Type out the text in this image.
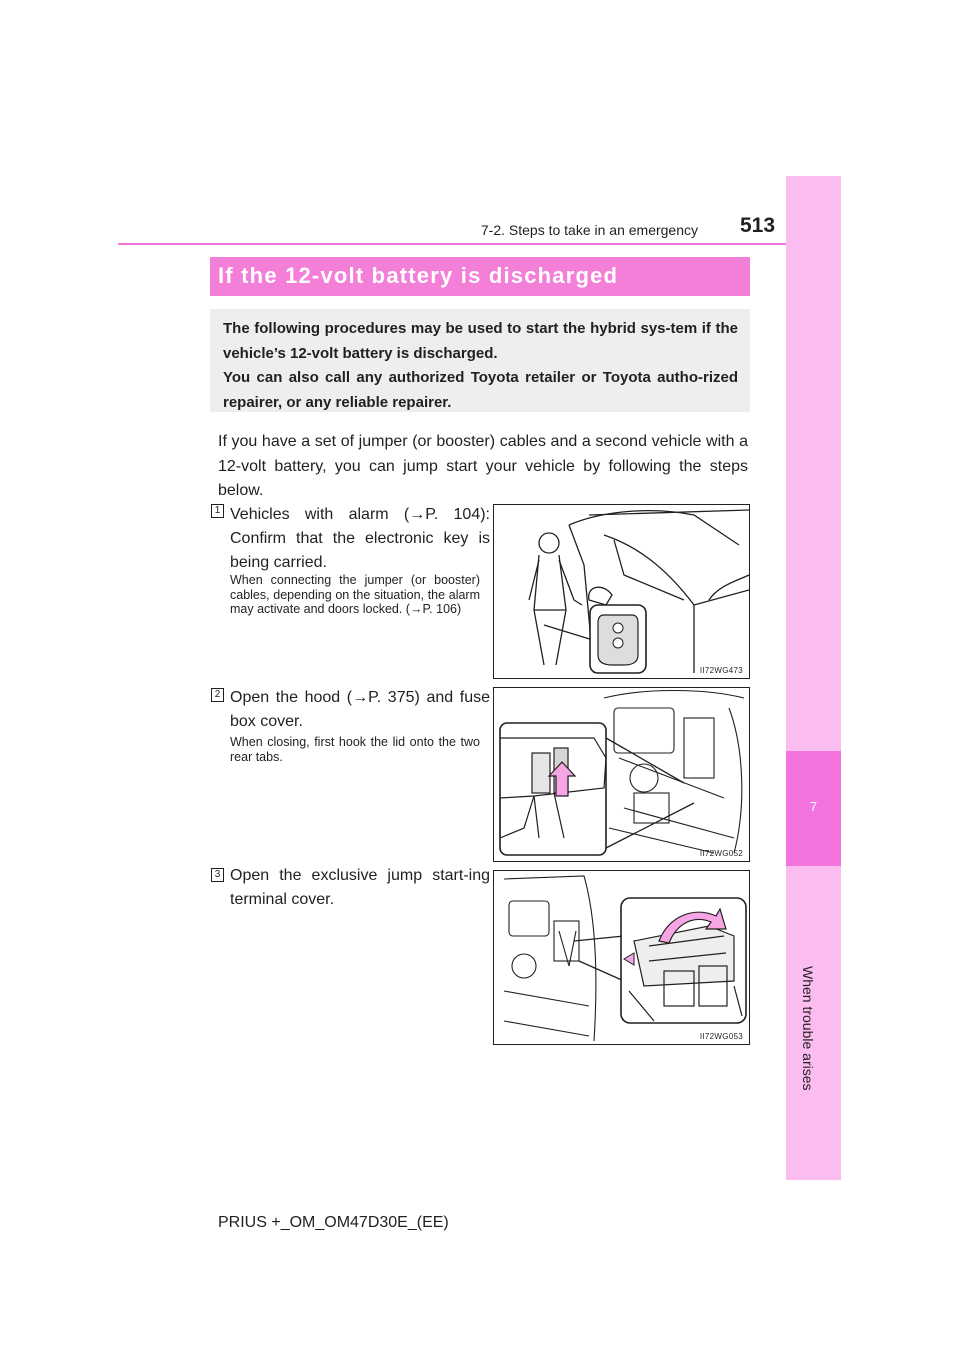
7-2. Steps to take in an emergency 513
7
When trouble arises
If the 12-volt battery is discharged

The following procedures may be used to start the hybrid sys-tem if the vehicle’s 12-volt battery is discharged.

You can also call any authorized Toyota retailer or Toyota autho-rized repairer, or any reliable repairer.

If you have a set of jumper (or booster) cables and a second vehicle with a 12-volt battery, you can jump start your vehicle by following the steps below.
1 Vehicles with alarm (→P. 104): Confirm that the electronic key is being carried.
When connecting the jumper (or booster) cables, depending on the situation, the alarm may activate and doors locked. (→P. 106)
II72WG473
2 Open the hood (→P. 375) and fuse box cover.
When closing, first hook the lid onto the two rear tabs.
II72WG052
3 Open the exclusive jump start-ing terminal cover.
II72WG053
PRIUS +_OM_OM47D30E_(EE)
